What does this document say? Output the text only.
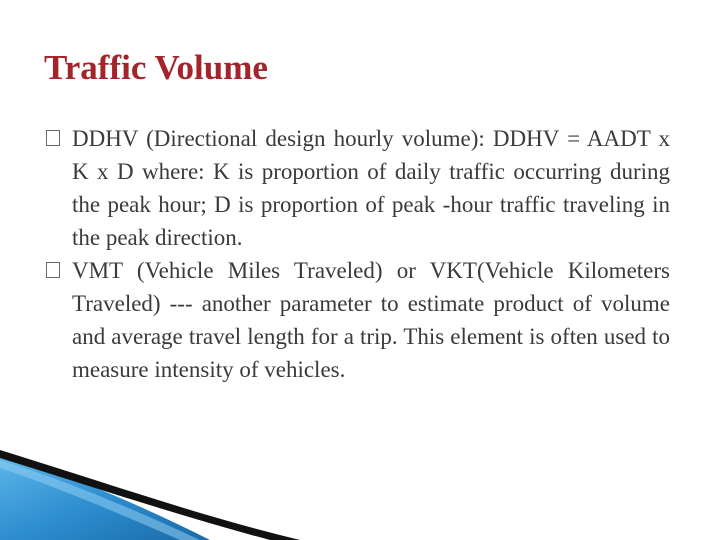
Traffic Volume
DDHV (Directional design hourly volume): DDHV = AADT x K x D where: K is proportion of daily traffic occurring during the peak hour; D is proportion of peak -hour traffic traveling in the peak direction.
VMT (Vehicle Miles Traveled) or VKT(Vehicle Kilometers Traveled) --- another parameter to estimate product of volume and average travel length for a trip. This element is often used to measure intensity of vehicles.
